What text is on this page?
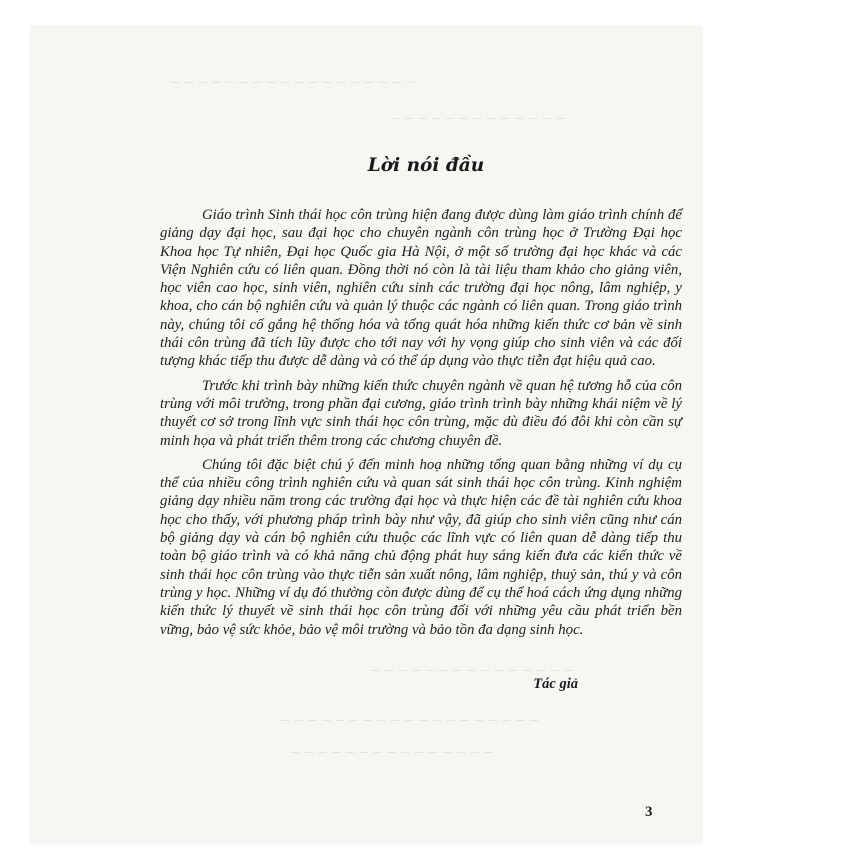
— — — — — — — — — — — — — — — — — —
— — — — — — — — — — — — —
— — — — — — — — — — — — — — —
— — — — — — — — — — — — — — — — — — —
— — — — — — — — — — — — — — —
Lời nói đầu

Giáo trình Sinh thái học côn trùng hiện đang được dùng làm giáo trình chính để giảng dạy đại học, sau đại học cho chuyên ngành côn trùng học ở Trường Đại học Khoa học Tự nhiên, Đại học Quốc gia Hà Nội, ở một số trường đại học khác và các Viện Nghiên cứu có liên quan. Đồng thời nó còn là tài liệu tham khảo cho giảng viên, học viên cao học, sinh viên, nghiên cứu sinh các trường đại học nông, lâm nghiệp, y khoa, cho cán bộ nghiên cứu và quản lý thuộc các ngành có liên quan. Trong giáo trình này, chúng tôi cố gắng hệ thống hóa và tổng quát hóa những kiến thức cơ bản về sinh thái côn trùng đã tích lũy được cho tới nay với hy vọng giúp cho sinh viên và các đối tượng khác tiếp thu được dễ dàng và có thể áp dụng vào thực tiễn đạt hiệu quả cao.

Trước khi trình bày những kiến thức chuyên ngành về quan hệ tương hỗ của côn trùng với môi trường, trong phần đại cương, giáo trình trình bày những khái niệm về lý thuyết cơ sở trong lĩnh vực sinh thái học côn trùng, mặc dù điều đó đôi khi còn cần sự minh họa và phát triển thêm trong các chương chuyên đề.

Chúng tôi đặc biệt chú ý đến minh hoạ những tổng quan bằng những ví dụ cụ thể của nhiều công trình nghiên cứu và quan sát sinh thái học côn trùng. Kinh nghiệm giảng dạy nhiều năm trong các trường đại học và thực hiện các đề tài nghiên cứu khoa học cho thấy, với phương pháp trình bày như vậy, đã giúp cho sinh viên cũng như cán bộ giảng dạy và cán bộ nghiên cứu thuộc các lĩnh vực có liên quan dễ dàng tiếp thu toàn bộ giáo trình và có khả năng chủ động phát huy sáng kiến đưa các kiến thức về sinh thái học côn trùng vào thực tiễn sản xuất nông, lâm nghiệp, thuỷ sản, thú y và côn trùng y học. Những ví dụ đó thường còn được dùng để cụ thể hoá cách ứng dụng những kiến thức lý thuyết về sinh thái học côn trùng đối với những yêu cầu phát triển bền vững, bảo vệ sức khỏe, bảo vệ môi trường và bảo tồn đa dạng sinh học.

Tác giả
3
